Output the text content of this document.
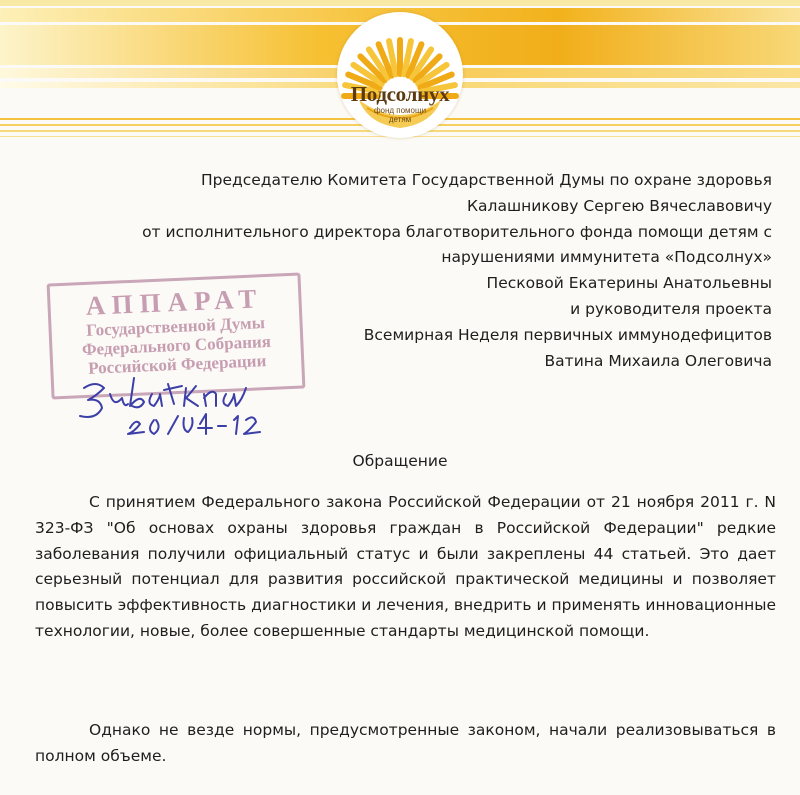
Подсолнух
фонд помощи
детям
Председателю Комитета Государственной Думы по охране здоровья
Калашникову Сергею Вячеславовичу
от исполнительного директора благотворительного фонда помощи детям с
нарушениями иммунитета «Подсолнух»
Песковой Екатерины Анатольевны
и руководителя проекта
Всемирная Неделя первичных иммунодефицитов
Ватина Михаила Олеговича
АППАРАТ
Государственной Думы
Федерального Собрания
Российской Федерации
Обращение
С принятием Федерального закона Российской Федерации от 21 ноября 2011 г. N 323-ФЗ "Об основах охраны здоровья граждан в Российской Федерации" редкие заболевания получили официальный статус и были закреплены 44 статьей. Это дает серьезный потенциал для развития российской практической медицины и позволяет повысить эффективность диагностики и лечения, внедрить и применять инновационные технологии, новые, более совершенные стандарты медицинской помощи.
Однако не везде нормы, предусмотренные законом, начали реализовываться в полном объеме.
